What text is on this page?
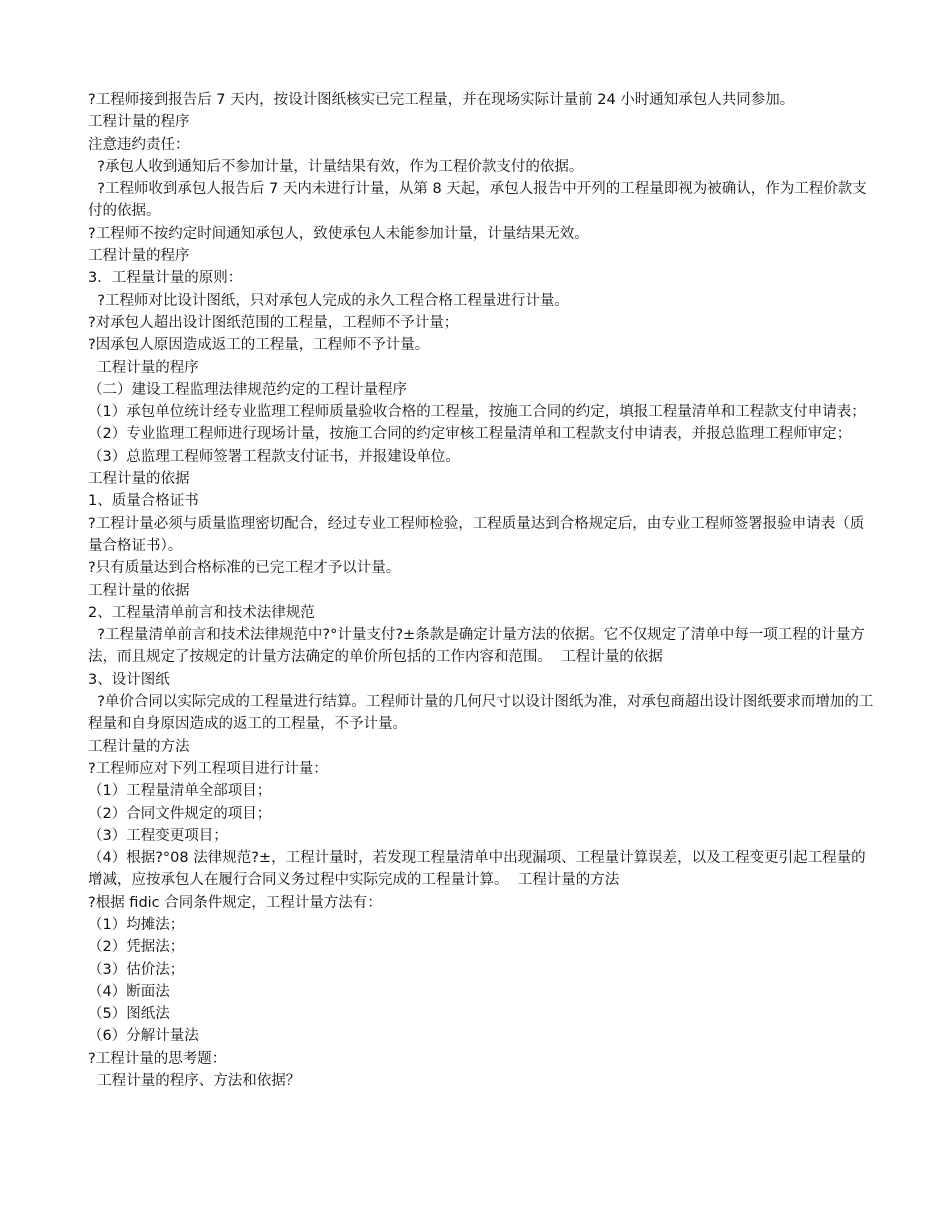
?工程师接到报告后 7 天内，按设计图纸核实已完工程量，并在现场实际计量前 24 小时通知承包人共同参加。
工程计量的程序
注意违约责任：
?承包人收到通知后不参加计量，计量结果有效，作为工程价款支付的依据。
?工程师收到承包人报告后 7 天内未进行计量，从第 8 天起，承包人报告中开列的工程量即视为被确认，作为工程价款支付的依据。
?工程师不按约定时间通知承包人，致使承包人未能参加计量，计量结果无效。
工程计量的程序
3．工程量计量的原则：
?工程师对比设计图纸，只对承包人完成的永久工程合格工程量进行计量。
?对承包人超出设计图纸范围的工程量，工程师不予计量；
?因承包人原因造成返工的工程量，工程师不予计量。
工程计量的程序
（二）建设工程监理法律规范约定的工程计量程序
（1）承包单位统计经专业监理工程师质量验收合格的工程量，按施工合同的约定，填报工程量清单和工程款支付申请表；
（2）专业监理工程师进行现场计量，按施工合同的约定审核工程量清单和工程款支付申请表，并报总监理工程师审定；
（3）总监理工程师签署工程款支付证书，并报建设单位。
工程计量的依据
1、质量合格证书
?工程计量必须与质量监理密切配合，经过专业工程师检验，工程质量达到合格规定后，由专业工程师签署报验申请表（质量合格证书）。
?只有质量达到合格标准的已完工程才予以计量。
工程计量的依据
2、工程量清单前言和技术法律规范
?工程量清单前言和技术法律规范中?°计量支付?±条款是确定计量方法的依据。它不仅规定了清单中每一项工程的计量方法，而且规定了按规定的计量方法确定的单价所包括的工作内容和范围。  工程计量的依据
3、设计图纸
?单价合同以实际完成的工程量进行结算。工程师计量的几何尺寸以设计图纸为准，对承包商超出设计图纸要求而增加的工程量和自身原因造成的返工的工程量，不予计量。
工程计量的方法
?工程师应对下列工程项目进行计量：
（1）工程量清单全部项目；
（2）合同文件规定的项目；
（3）工程变更项目；
（4）根据?°08 法律规范?±，工程计量时，若发现工程量清单中出现漏项、工程量计算误差，以及工程变更引起工程量的增减，应按承包人在履行合同义务过程中实际完成的工程量计算。  工程计量的方法
?根据 fidic 合同条件规定，工程计量方法有：
（1）均摊法；
（2）凭据法；
（3）估价法；
（4）断面法
（5）图纸法
（6）分解计量法
?工程计量的思考题：
工程计量的程序、方法和依据？
